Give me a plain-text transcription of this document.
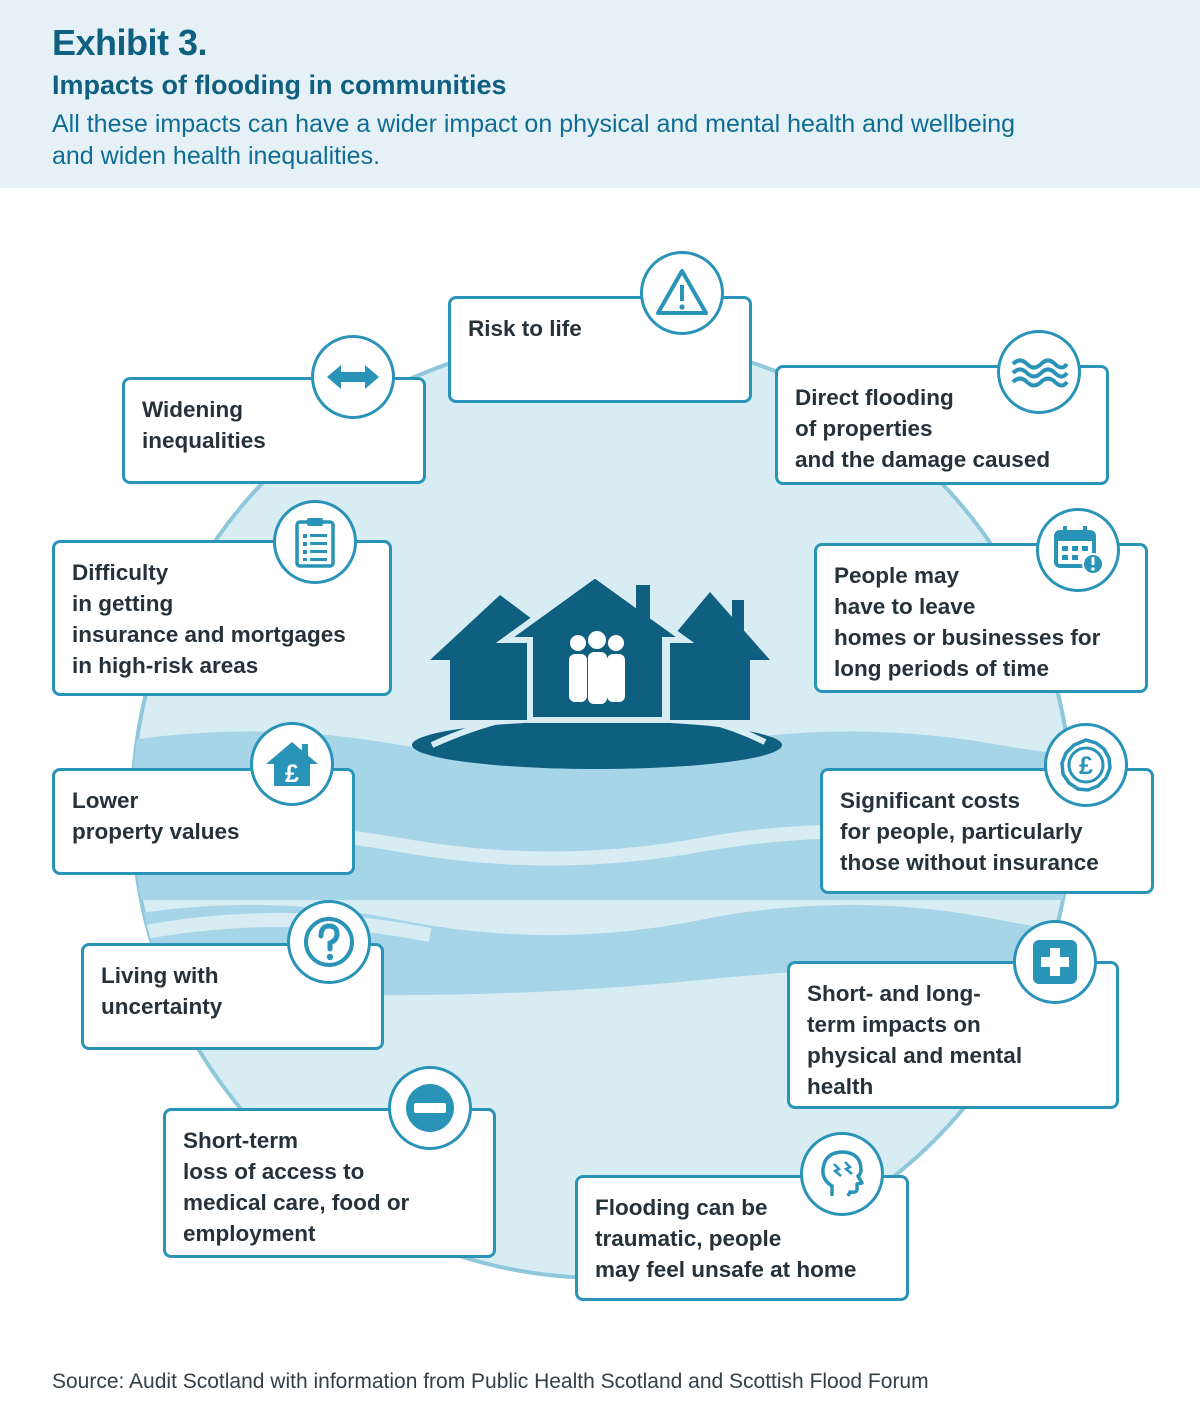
Exhibit 3.
Impacts of flooding in communities
All these impacts can have a wider impact on physical and mental health and wellbeing and widen health inequalities.
Risk to life
Direct flooding
of properties
and the damage caused
People may
have to leave
homes or businesses for
long periods of time
Significant costs
for people, particularly
those without insurance
Short- and long-
term impacts on
physical and mental
health
Flooding can be
traumatic, people
may feel unsafe at home
Short-term
loss of access to
medical care, food or
employment
Living with
uncertainty
Lower
property values
Difficulty
in getting
insurance and mortgages
in high-risk areas
Widening
inequalities
£
£
Source: Audit Scotland with information from Public Health Scotland and Scottish Flood Forum
